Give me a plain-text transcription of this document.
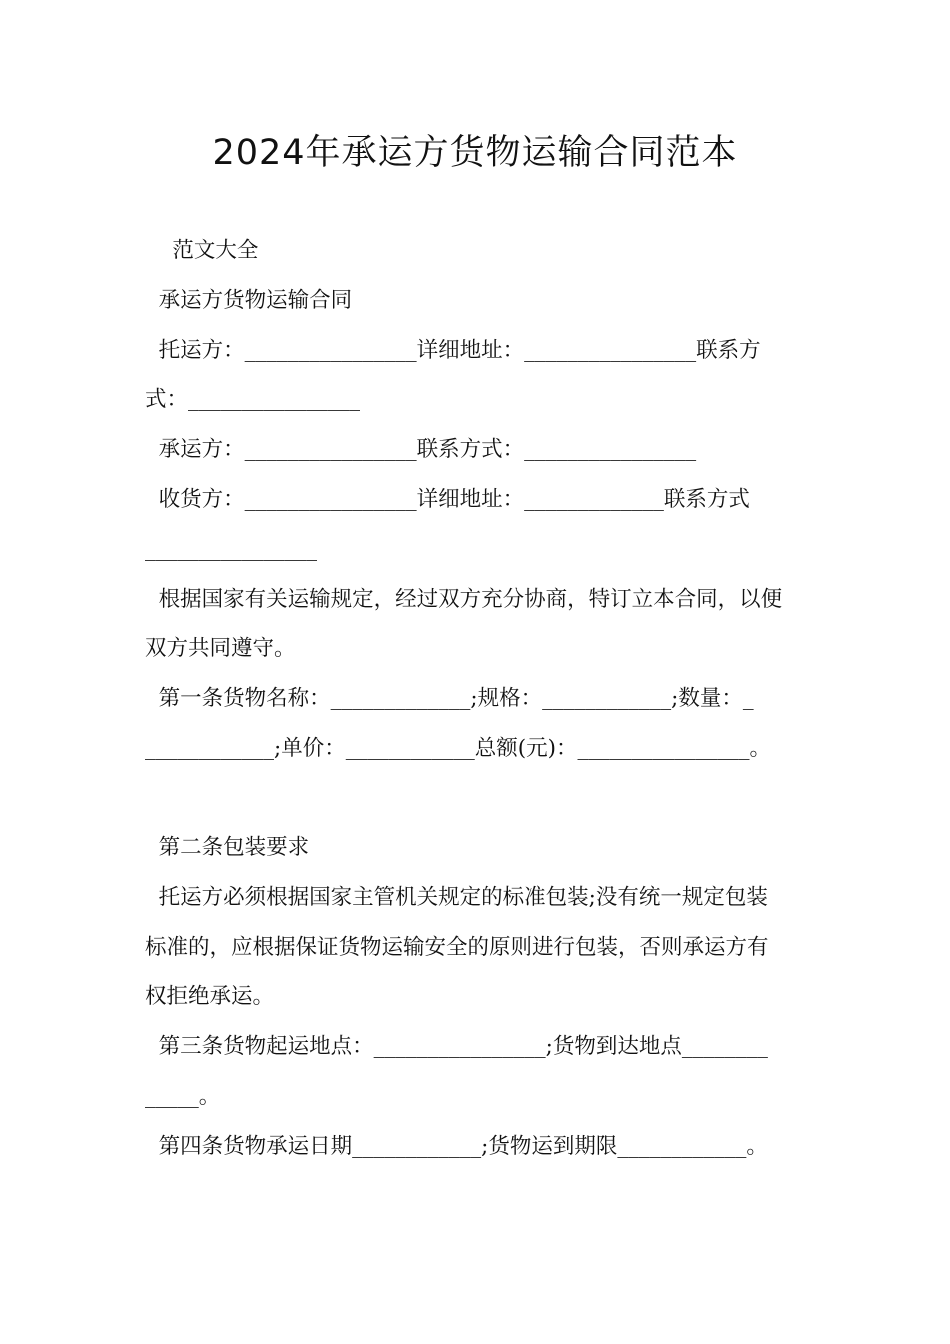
2024年承运方货物运输合同范本
范文大全
承运方货物运输合同
托运方：________________详细地址：________________联系方
式：________________
承运方：________________联系方式：________________
收货方：________________详细地址：_____________联系方式
________________
根据国家有关运输规定，经过双方充分协商，特订立本合同，以便
双方共同遵守。
第一条货物名称：_____________;规格：____________;数量：_
____________;单价：____________总额(元)：________________。
第二条包装要求
托运方必须根据国家主管机关规定的标准包装;没有统一规定包装
标准的，应根据保证货物运输安全的原则进行包装，否则承运方有
权拒绝承运。
第三条货物起运地点：________________;货物到达地点________
_____。
第四条货物承运日期____________;货物运到期限____________。
